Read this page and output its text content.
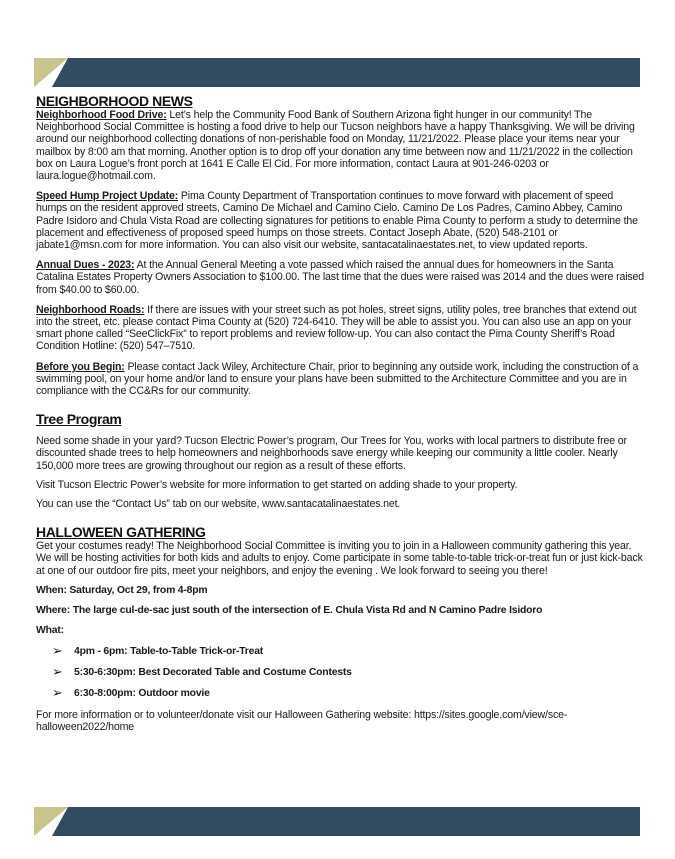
NEIGHBORHOOD NEWS

Neighborhood Food Drive: Let’s help the Community Food Bank of Southern Arizona fight hunger in our community! The Neighborhood Social Committee is hosting a food drive to help our Tucson neighbors have a happy Thanksgiving. We will be driving around our neighborhood collecting donations of non-perishable food on Monday, 11/21/2022. Please place your items near your mailbox by 8:00 am that morning. Another option is to drop off your donation any time between now and 11/21/2022 in the collection box on Laura Logue’s front porch at 1641 E Calle El Cid. For more information, contact Laura at 901-246-0203 or laura.logue@hotmail.com.

Speed Hump Project Update: Pima County Department of Transportation continues to move forward with placement of speed humps on the resident approved streets, Camino De Michael and Camino Cielo. Camino De Los Padres, Camino Abbey, Camino Padre Isidoro and Chula Vista Road are collecting signatures for petitions to enable Pima County to perform a study to determine the placement and effectiveness of proposed speed humps on those streets. Contact Joseph Abate, (520) 548-2101 or jabate1@msn.com for more information. You can also visit our website, santacatalinaestates.net, to view updated reports.

Annual Dues - 2023: At the Annual General Meeting a vote passed which raised the annual dues for homeowners in the Santa Catalina Estates Property Owners Association to $100.00. The last time that the dues were raised was 2014 and the dues were raised from $40.00 to $60.00.

Neighborhood Roads: If there are issues with your street such as pot holes, street signs, utility poles, tree branches that extend out into the street, etc. please contact Pima County at (520) 724-6410. They will be able to assist you. You can also use an app on your smart phone called “SeeClickFix” to report problems and review follow-up. You can also contact the Pima County Sheriff’s Road Condition Hotline: (520) 547–7510.

Before you Begin: Please contact Jack Wiley, Architecture Chair, prior to beginning any outside work, including the construction of a swimming pool, on your home and/or land to ensure your plans have been submitted to the Architecture Committee and you are in compliance with the CC&Rs for our community.

Tree Program

Need some shade in your yard? Tucson Electric Power’s program, Our Trees for You, works with local partners to distribute free or discounted shade trees to help homeowners and neighborhoods save energy while keeping our community a little cooler. Nearly 150,000 more trees are growing throughout our region as a result of these efforts.

Visit Tucson Electric Power’s website for more information to get started on adding shade to your property.

You can use the “Contact Us” tab on our website, www.santacatalinaestates.net.

HALLOWEEN GATHERING

Get your costumes ready! The Neighborhood Social Committee is inviting you to join in a Halloween community gathering this year. We will be hosting activities for both kids and adults to enjoy. Come participate in some table-to-table trick-or-treat fun or just kick-back at one of our outdoor fire pits, meet your neighbors, and enjoy the evening . We look forward to seeing you there!

When: Saturday, Oct 29, from 4-8pm

Where: The large cul-de-sac just south of the intersection of E. Chula Vista Rd and N Camino Padre Isidoro

What:

➢ 4pm - 6pm: Table-to-Table Trick-or-Treat
➢ 5:30-6:30pm: Best Decorated Table and Costume Contests
➢ 6:30-8:00pm: Outdoor movie

For more information or to volunteer/donate visit our Halloween Gathering website: https://sites.google.com/view/sce-halloween2022/home
